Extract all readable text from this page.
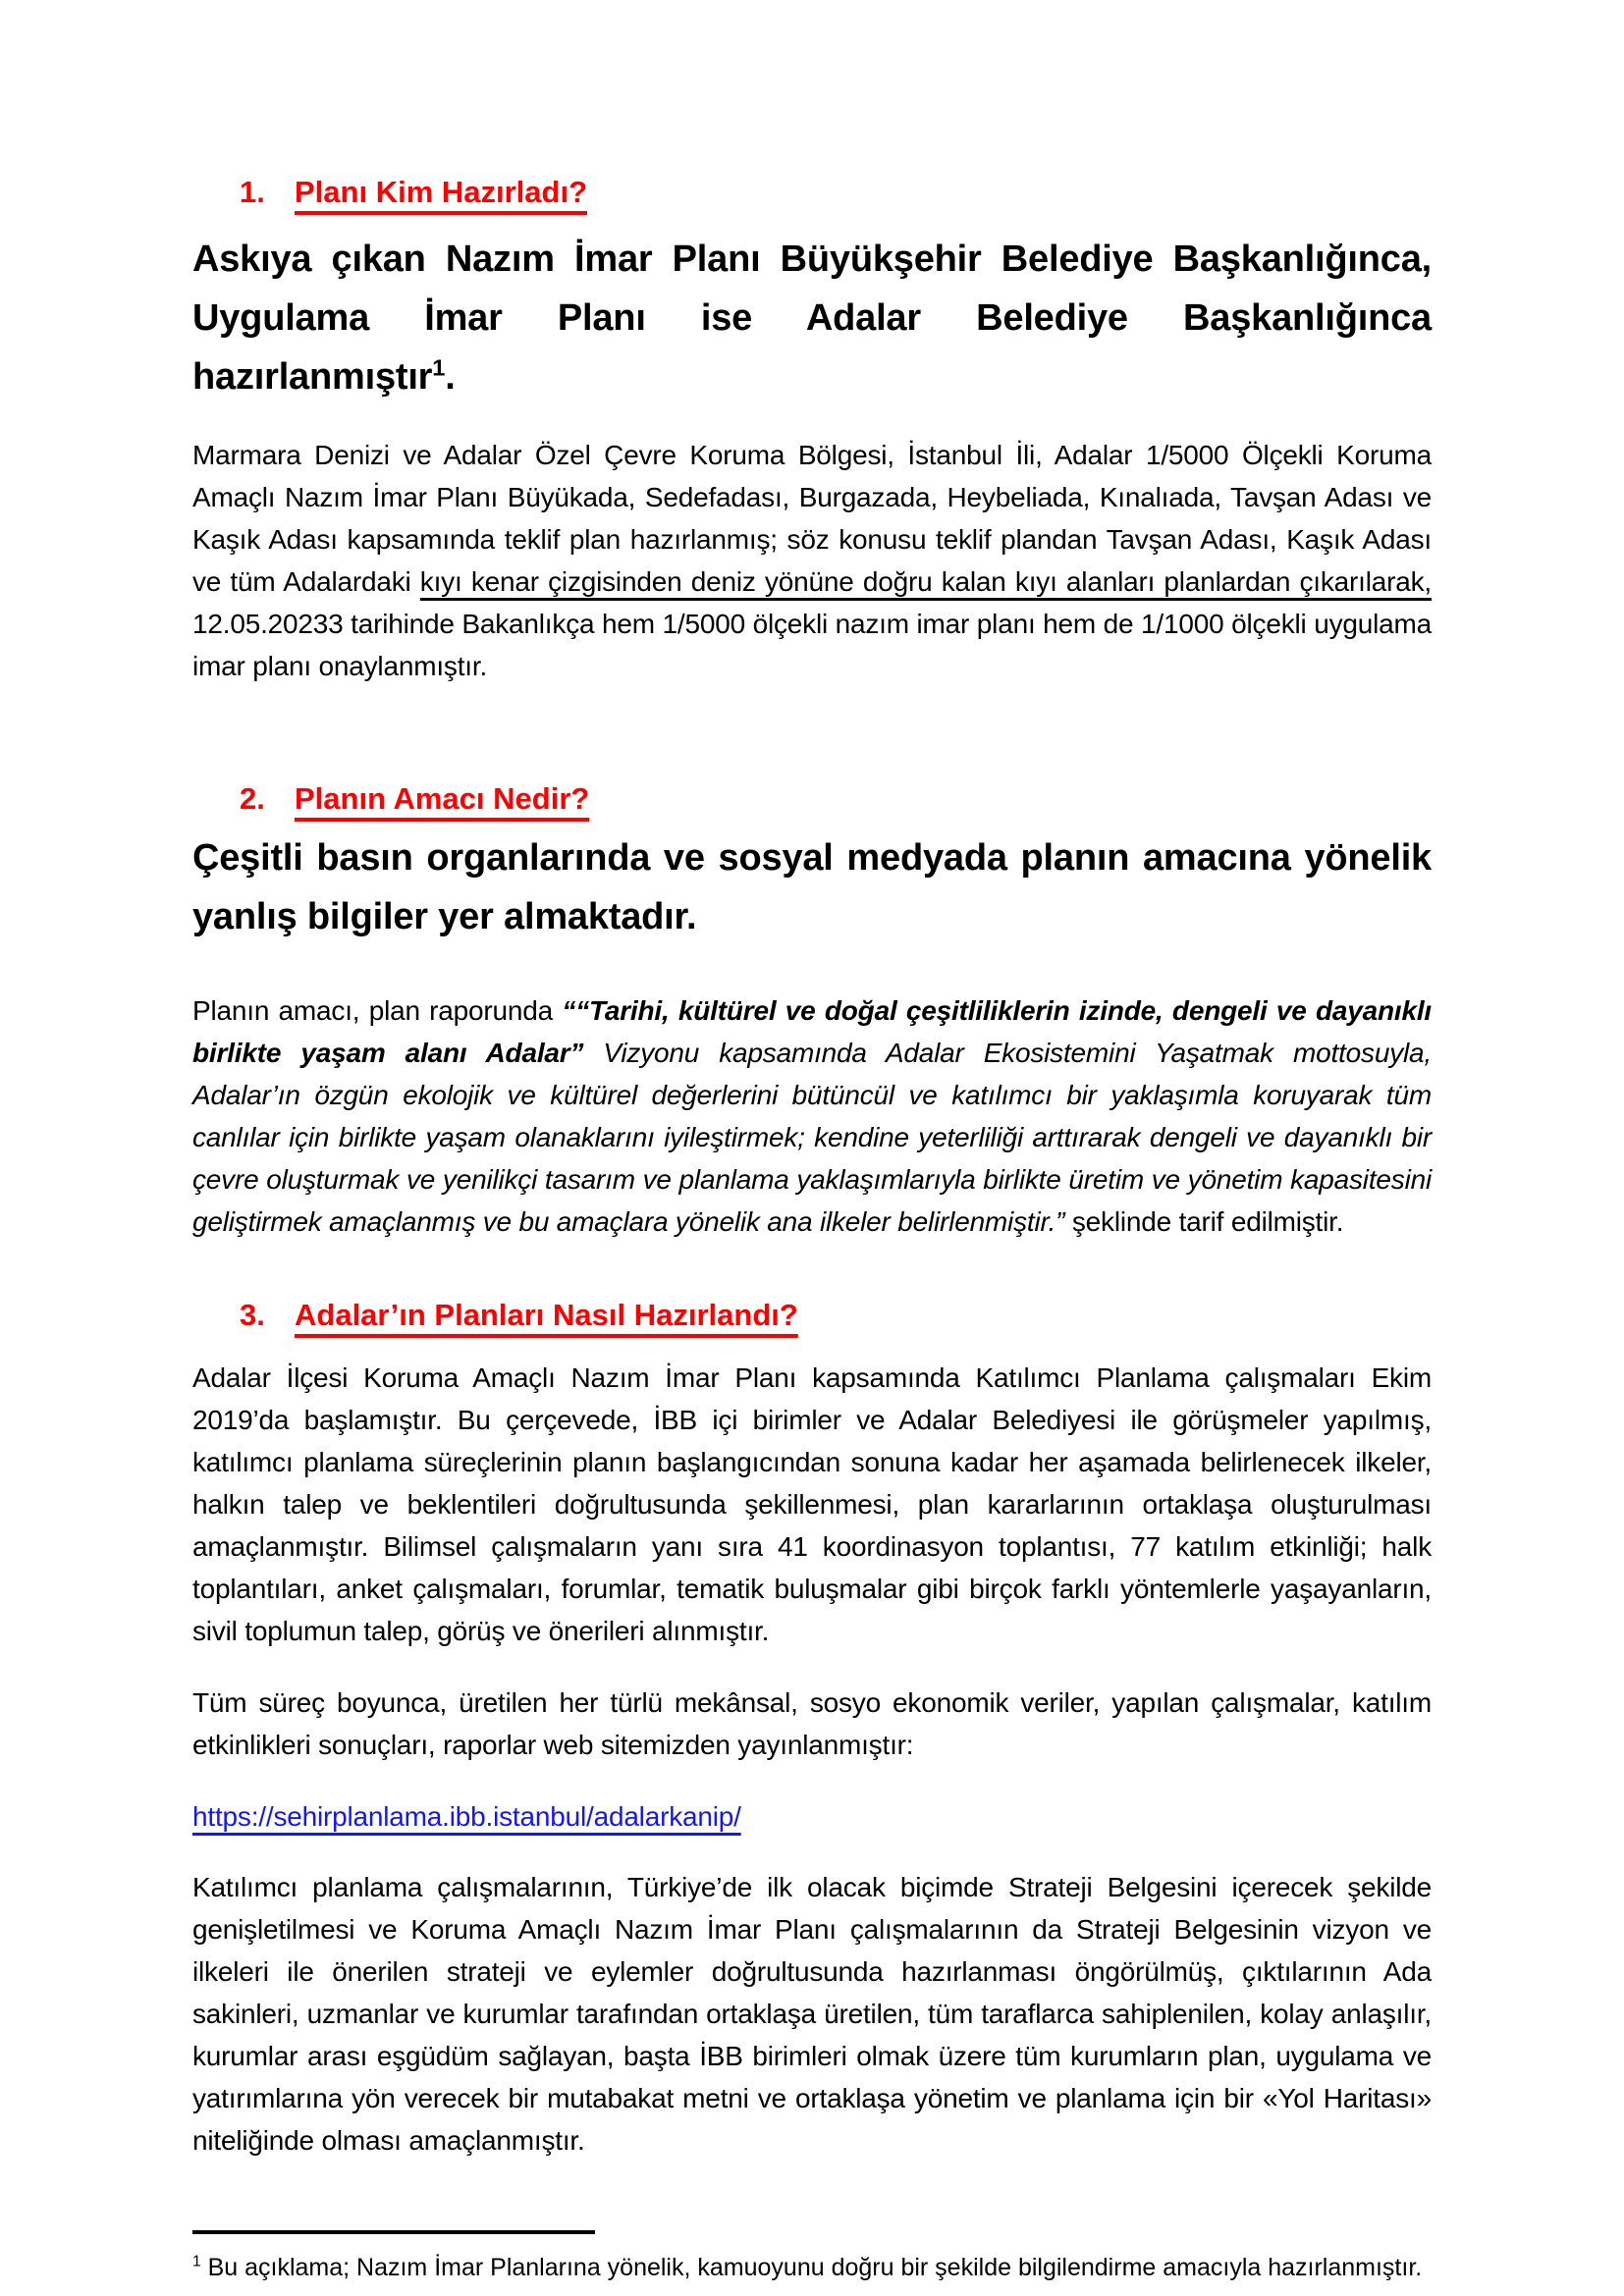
1. Planı Kim Hazırladı?

Askıya çıkan Nazım İmar Planı Büyükşehir Belediye Başkanlığınca, Uygulama İmar Planı ise Adalar Belediye Başkanlığınca hazırlanmıştır$^1$.

Marmara Denizi ve Adalar Özel Çevre Koruma Bölgesi, İstanbul İli, Adalar 1/5000 Ölçekli Koruma Amaçlı Nazım İmar Planı Büyükada, Sedefadası, Burgazada, Heybeliada, Kınalıada, Tavşan Adası ve Kaşık Adası kapsamında teklif plan hazırlanmış; söz konusu teklif plandan Tavşan Adası, Kaşık Adası ve tüm Adalardaki kıyı kenar çizgisinden deniz yönüne doğru kalan kıyı alanları planlardan çıkarılarak, 12.05.20233 tarihinde Bakanlıkça hem 1/5000 ölçekli nazım imar planı hem de 1/1000 ölçekli uygulama imar planı onaylanmıştır.

2. Planın Amacı Nedir?

Çeşitli basın organlarında ve sosyal medyada planın amacına yönelik yanlış bilgiler yer almaktadır.

Planın amacı, plan raporunda ““Tarihi, kültürel ve doğal çeşitliliklerin izinde, dengeli ve dayanıklı birlikte yaşam alanı Adalar” Vizyonu kapsamında Adalar Ekosistemini Yaşatmak mottosuyla, Adalar’ın özgün ekolojik ve kültürel değerlerini bütüncül ve katılımcı bir yaklaşımla koruyarak tüm canlılar için birlikte yaşam olanaklarını iyileştirmek; kendine yeterliliği arttırarak dengeli ve dayanıklı bir çevre oluşturmak ve yenilikçi tasarım ve planlama yaklaşımlarıyla birlikte üretim ve yönetim kapasitesini geliştirmek amaçlanmış ve bu amaçlara yönelik ana ilkeler belirlenmiştir.” şeklinde tarif edilmiştir.

3. Adalar’ın Planları Nasıl Hazırlandı?

Adalar İlçesi Koruma Amaçlı Nazım İmar Planı kapsamında Katılımcı Planlama çalışmaları Ekim 2019’da başlamıştır. Bu çerçevede, İBB içi birimler ve Adalar Belediyesi ile görüşmeler yapılmış, katılımcı planlama süreçlerinin planın başlangıcından sonuna kadar her aşamada belirlenecek ilkeler, halkın talep ve beklentileri doğrultusunda şekillenmesi, plan kararlarının ortaklaşa oluşturulması amaçlanmıştır. Bilimsel çalışmaların yanı sıra 41 koordinasyon toplantısı, 77 katılım etkinliği; halk toplantıları, anket çalışmaları, forumlar, tematik buluşmalar gibi birçok farklı yöntemlerle yaşayanların, sivil toplumun talep, görüş ve önerileri alınmıştır.

Tüm süreç boyunca, üretilen her türlü mekânsal, sosyo ekonomik veriler, yapılan çalışmalar, katılım etkinlikleri sonuçları, raporlar web sitemizden yayınlanmıştır:

https://sehirplanlama.ibb.istanbul/adalarkanip/

Katılımcı planlama çalışmalarının, Türkiye’de ilk olacak biçimde Strateji Belgesini içerecek şekilde genişletilmesi ve Koruma Amaçlı Nazım İmar Planı çalışmalarının da Strateji Belgesinin vizyon ve ilkeleri ile önerilen strateji ve eylemler doğrultusunda hazırlanması öngörülmüş, çıktılarının Ada sakinleri, uzmanlar ve kurumlar tarafından ortaklaşa üretilen, tüm taraflarca sahiplenilen, kolay anlaşılır, kurumlar arası eşgüdüm sağlayan, başta İBB birimleri olmak üzere tüm kurumların plan, uygulama ve yatırımlarına yön verecek bir mutabakat metni ve ortaklaşa yönetim ve planlama için bir «Yol Haritası» niteliğinde olması amaçlanmıştır.

$^1$ Bu açıklama; Nazım İmar Planlarına yönelik, kamuoyunu doğru bir şekilde bilgilendirme amacıyla hazırlanmıştır.
